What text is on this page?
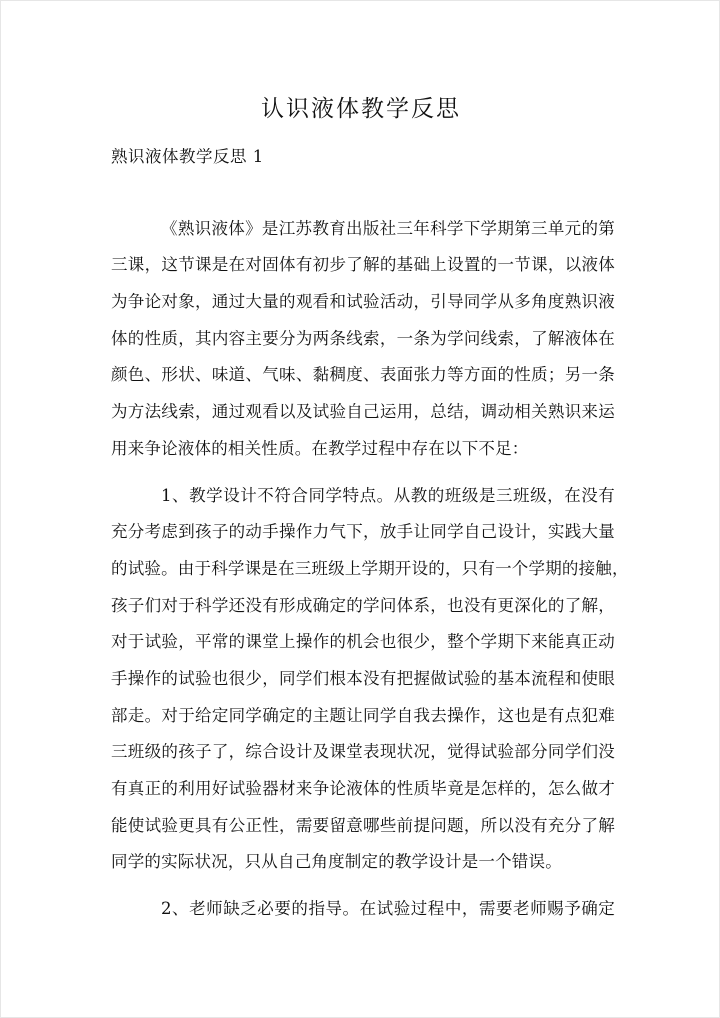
认识液体教学反思

熟识液体教学反思 1

《熟识液体》是江苏教育出版社三年科学下学期第三单元的第

三课，这节课是在对固体有初步了解的基础上设置的一节课，以液体

为争论对象，通过大量的观看和试验活动，引导同学从多角度熟识液

体的性质，其内容主要分为两条线索，一条为学问线索，了解液体在

颜色、形状、味道、气味、黏稠度、表面张力等方面的性质；另一条

为方法线索，通过观看以及试验自己运用，总结，调动相关熟识来运

用来争论液体的相关性质。在教学过程中存在以下不足：

1、教学设计不符合同学特点。从教的班级是三班级，在没有

充分考虑到孩子的动手操作力气下，放手让同学自己设计，实践大量

的试验。由于科学课是在三班级上学期开设的，只有一个学期的接触，

孩子们对于科学还没有形成确定的学问体系，也没有更深化的了解，

对于试验，平常的课堂上操作的机会也很少，整个学期下来能真正动

手操作的试验也很少，同学们根本没有把握做试验的基本流程和使眼

部走。对于给定同学确定的主题让同学自我去操作，这也是有点犯难

三班级的孩子了，综合设计及课堂表现状况，觉得试验部分同学们没

有真正的利用好试验器材来争论液体的性质毕竟是怎样的，怎么做才

能使试验更具有公正性，需要留意哪些前提问题，所以没有充分了解

同学的实际状况，只从自己角度制定的教学设计是一个错误。

2、老师缺乏必要的指导。在试验过程中，需要老师赐予确定
